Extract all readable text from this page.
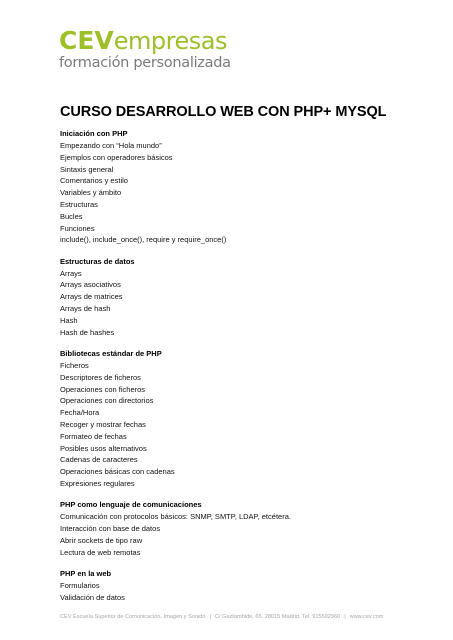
CEVempresas
formación personalizada
CURSO DESARROLLO WEB CON PHP+ MYSQL
Iniciación con PHP
Empezando con “Hola mundo”
Ejemplos con operadores básicos
Sintaxis general
Comentarios y estilo
Variables y ámbito
Estructuras
Bucles
Funciones
include(), include_once(), require y require_once()
Estructuras de datos
Arrays
Arrays asociativos
Arrays de matrices
Arrays de hash
Hash
Hash de hashes
Bibliotecas estándar de PHP
Ficheros
Descriptores de ficheros
Operaciones con ficheros
Operaciones con directorios
Fecha/Hora
Recoger y mostrar fechas
Formateo de fechas
Posibles usos alternativos
Cadenas de caracteres
Operaciones básicas con cadenas
Expresiones regulares
PHP como lenguaje de comunicaciones
Comunicación con protocolos básicos: SNMP, SMTP, LDAP, etcétera.
Interacción con base de datos
Abrir sockets de tipo raw
Lectura de web remotas
PHP en la web
Formularios
Validación de datos
CEV Escuela Superior de Comunicación, Imagen y Sonido | C/ Gaztambide, 65. 28015 Madrid. Tel. 915502960 | www.cev.com
